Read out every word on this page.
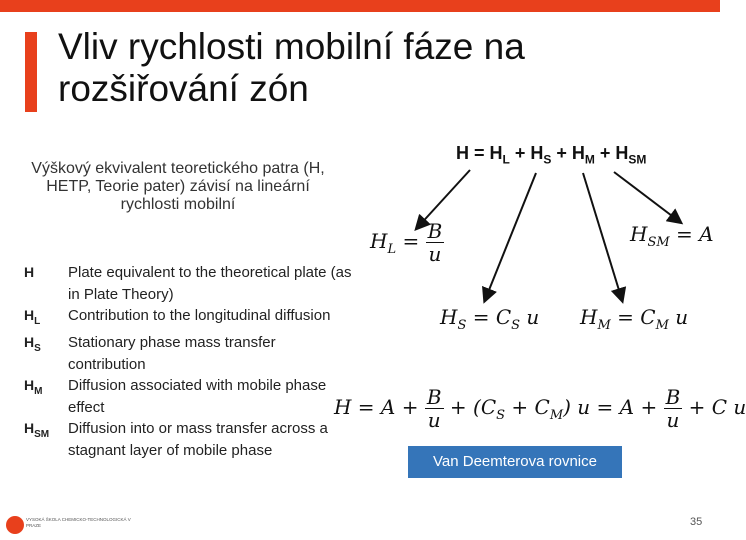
Vliv rychlosti mobilní fáze na rozšiřování zón
Výškový ekvivalent teoretického patra (H, HETP, Teorie pater) závisí na lineární rychlosti mobilní
H	Plate equivalent to the theoretical plate (as in Plate Theory)
$H_L$	Contribution to the longitudinal diffusion
$H_S$	Stationary phase mass transfer contribution
$H_M$	Diffusion associated with mobile phase effect
$H_{SM}$	Diffusion into or mass transfer across a stagnant layer of mobile phase
$H = H_L + H_S + H_M + H_{SM}$
$H_L = \frac{B}{u}$	$H_{SM} = A$
$H_S = C_S$ u $H_M = C_M$ u
$H = A + \frac{B}{u} + (C_S + C_M) u = A + \frac{B}{u} + C$ u
Van Deemterova rovnice
VYSOKÁ ŠKOLA CHEMICKO-TECHNOLOGICKÁ V PRAZE	35
